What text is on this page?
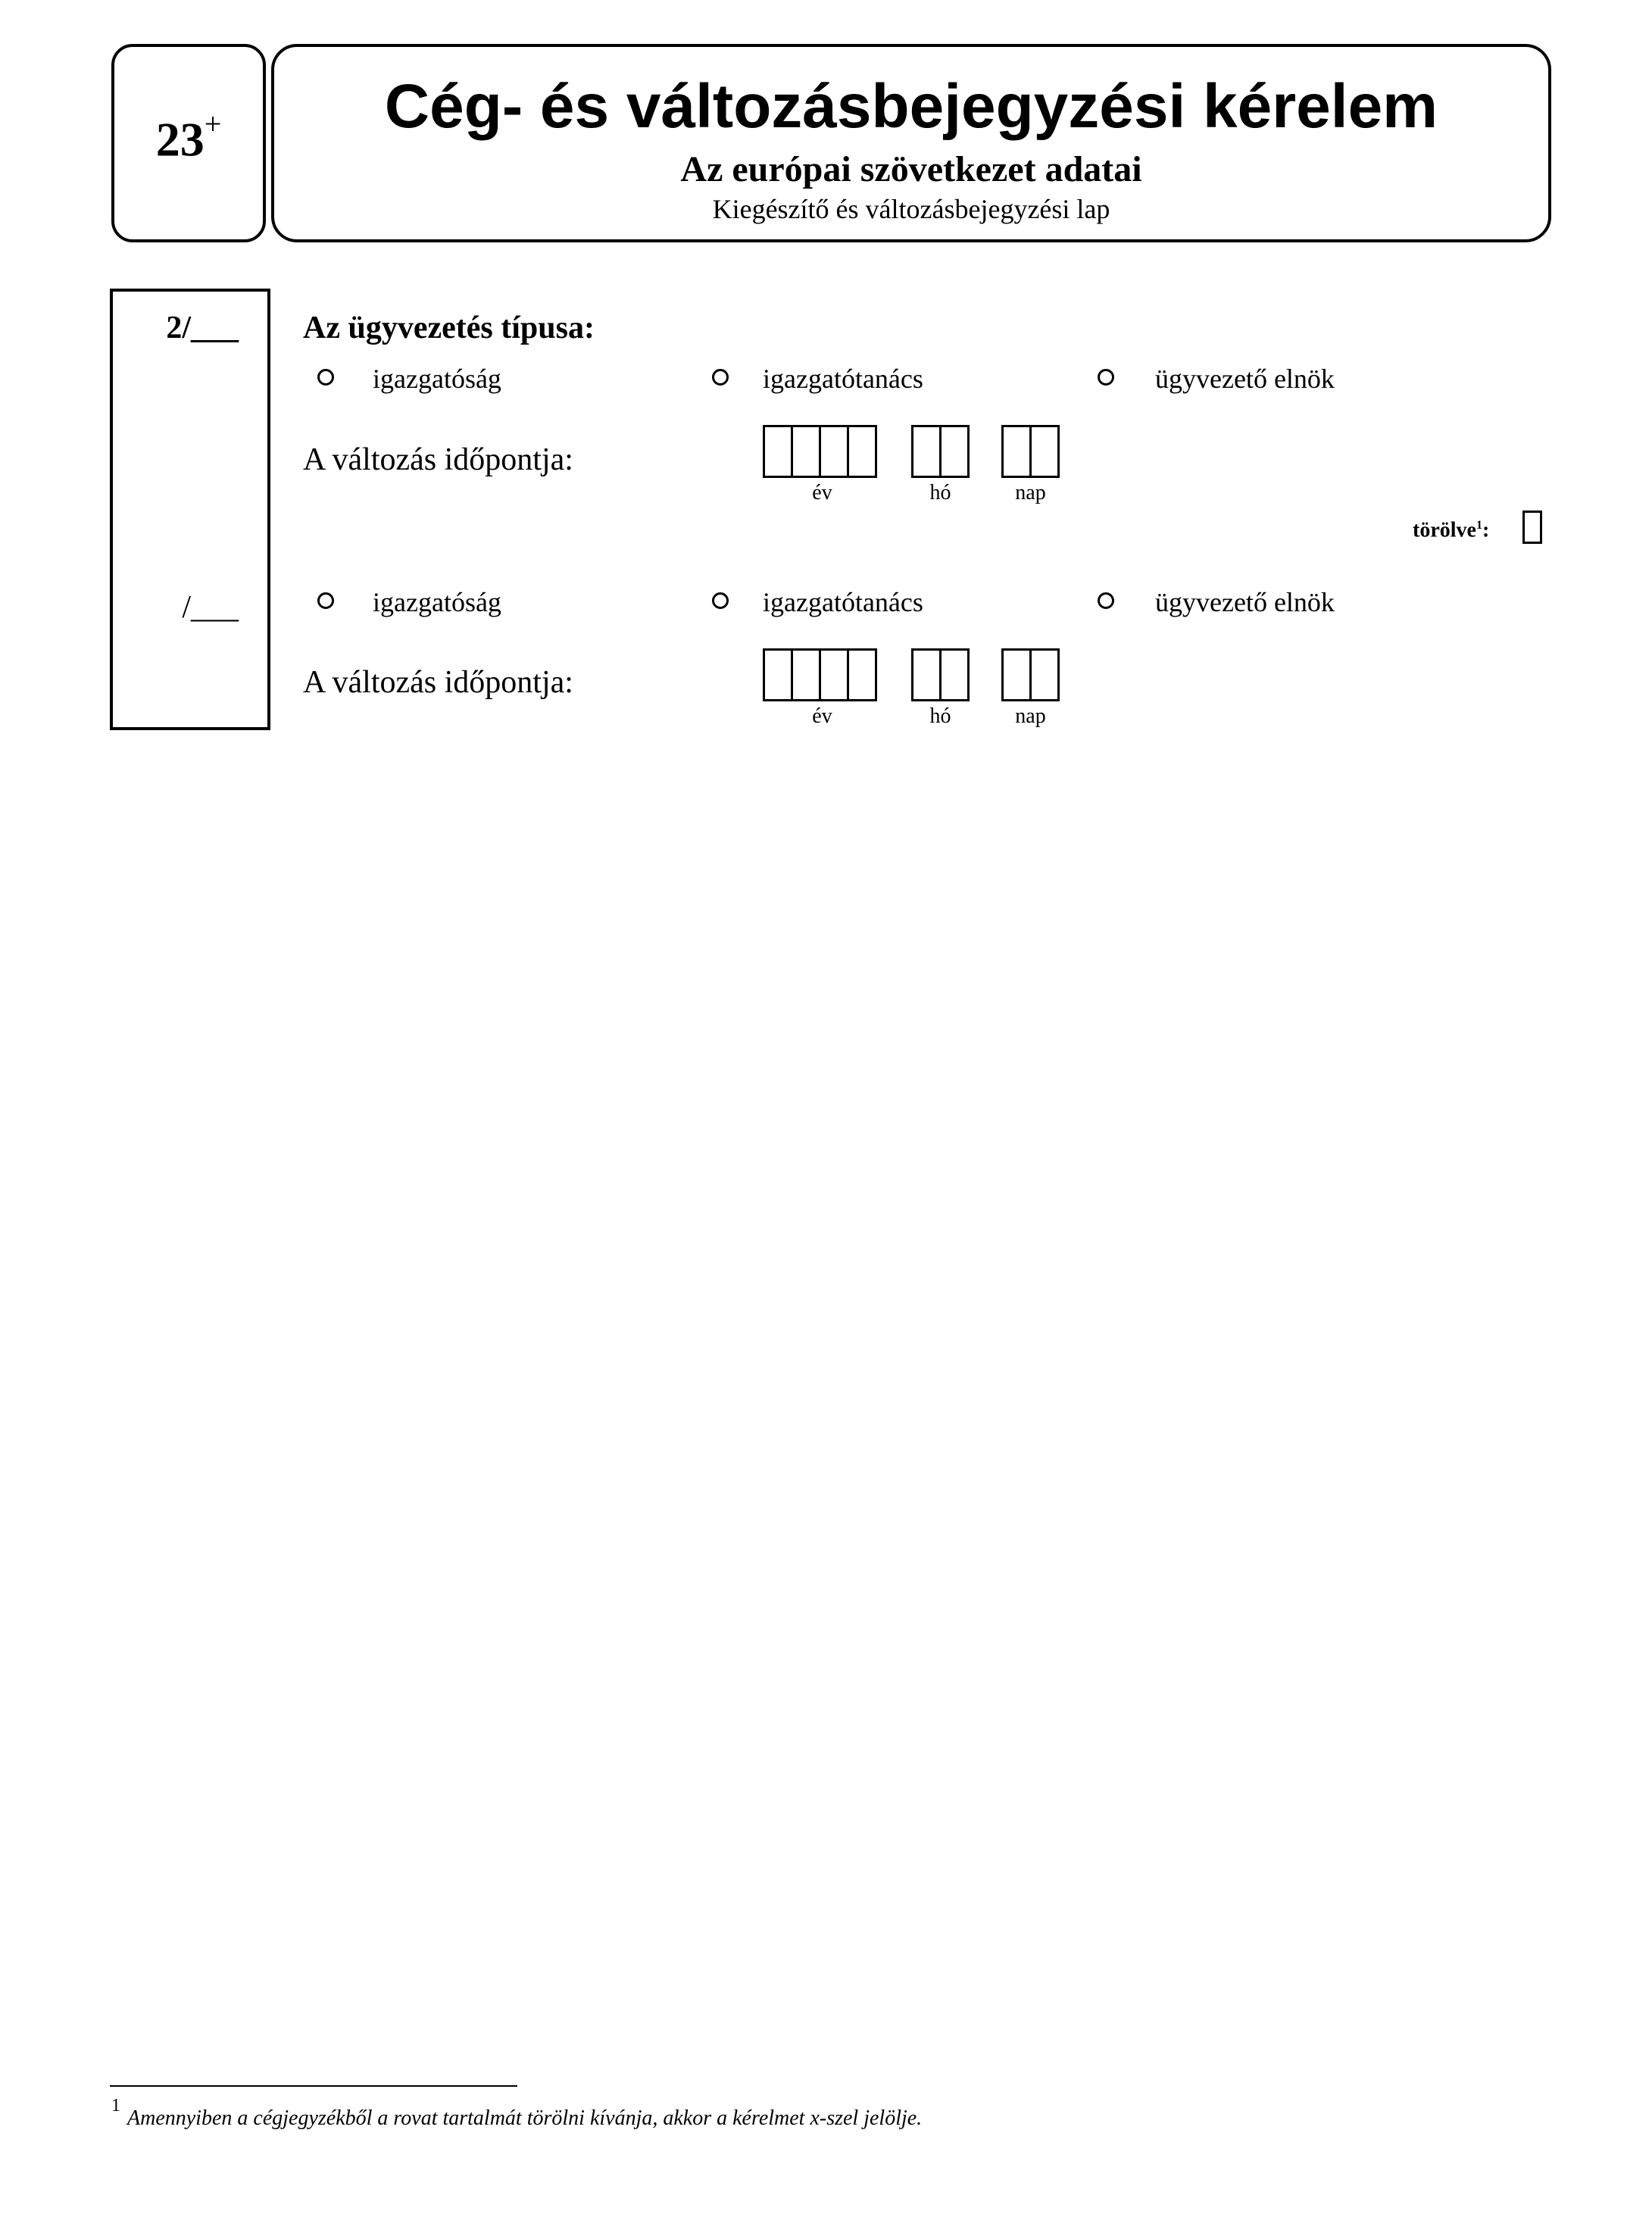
23+	Cég- és változásbejegyzési kérelem
Az európai szövetkezet adatai
Kiegészítő és változásbejegyzési lap
2/___
/___
Az ügyvezetés típusa:
igazgatóság	igazgatótanács	ügyvezető elnök
A változás időpontja:
év	hó	nap
törölve$^1$:
igazgatóság	igazgatótanács	ügyvezető elnök
A változás időpontja:
év	hó	nap
1
Amennyiben a cégjegyzékből a rovat tartalmát törölni kívánja, akkor a kérelmet x-szel jelölje.
